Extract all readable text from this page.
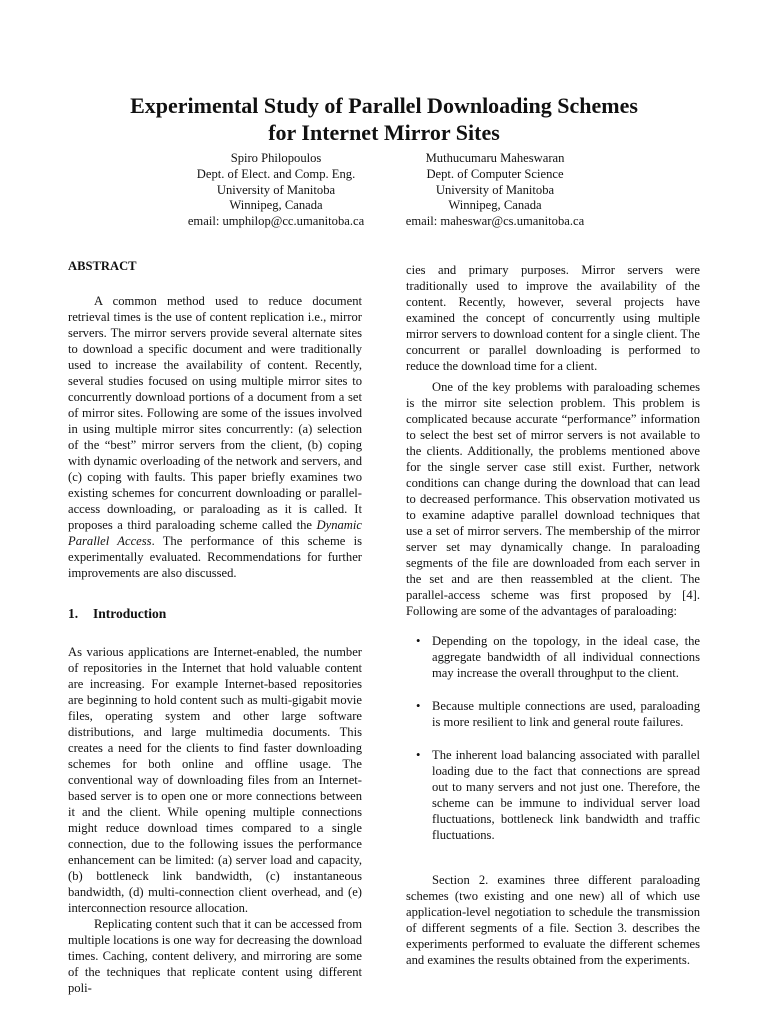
Experimental Study of Parallel Downloading Schemes
for Internet Mirror Sites
Spiro Philopoulos
Dept. of Elect. and Comp. Eng.
University of Manitoba
Winnipeg, Canada
email: umphilop@cc.umanitoba.ca
Muthucumaru Maheswaran
Dept. of Computer Science
University of Manitoba
Winnipeg, Canada
email: maheswar@cs.umanitoba.ca
ABSTRACT

A common method used to reduce document retrieval times is the use of content replication i.e., mirror servers. The mirror servers provide several alternate sites to download a specific document and were traditionally used to increase the availability of content. Recently, several studies focused on using multiple mirror sites to concurrently download portions of a document from a set of mirror sites. Following are some of the issues involved in using multiple mirror sites concurrently: (a) selection of the “best” mirror servers from the client, (b) coping with dynamic overloading of the network and servers, and (c) coping with faults. This paper briefly examines two existing schemes for concurrent downloading or parallel-access downloading, or paraloading as it is called. It proposes a third paraloading scheme called the Dynamic Parallel Access. The performance of this scheme is experimentally evaluated. Recommendations for further improvements are also discussed.

1. Introduction

As various applications are Internet-enabled, the number of repositories in the Internet that hold valuable content are increasing. For example Internet-based repositories are beginning to hold content such as multi-gigabit movie files, operating system and other large software distributions, and large multimedia documents. This creates a need for the clients to find faster downloading schemes for both online and offline usage. The conventional way of downloading files from an Internet-based server is to open one or more connections between it and the client. While opening multiple connections might reduce download times compared to a single connection, due to the following issues the performance enhancement can be limited: (a) server load and capacity, (b) bottleneck link bandwidth, (c) instantaneous bandwidth, (d) multi-connection client overhead, and (e) interconnection resource allocation.

Replicating content such that it can be accessed from multiple locations is one way for decreasing the download times. Caching, content delivery, and mirroring are some of the techniques that replicate content using different poli-

cies and primary purposes. Mirror servers were traditionally used to improve the availability of the content. Recently, however, several projects have examined the concept of concurrently using multiple mirror servers to download content for a single client. The concurrent or parallel downloading is performed to reduce the download time for a client.

One of the key problems with paraloading schemes is the mirror site selection problem. This problem is complicated because accurate “performance” information to select the best set of mirror servers is not available to the clients. Additionally, the problems mentioned above for the single server case still exist. Further, network conditions can change during the download that can lead to decreased performance. This observation motivated us to examine adaptive parallel download techniques that use a set of mirror servers. The membership of the mirror server set may dynamically change. In paraloading segments of the file are downloaded from each server in the set and are then reassembled at the client. The parallel-access scheme was first proposed by [4]. Following are some of the advantages of paraloading:

• Depending on the topology, in the ideal case, the aggregate bandwidth of all individual connections may increase the overall throughput to the client.
• Because multiple connections are used, paraloading is more resilient to link and general route failures.
• The inherent load balancing associated with parallel loading due to the fact that connections are spread out to many servers and not just one. Therefore, the scheme can be immune to individual server load fluctuations, bottleneck link bandwidth and traffic fluctuations.

Section 2. examines three different paraloading schemes (two existing and one new) all of which use application-level negotiation to schedule the transmission of different segments of a file. Section 3. describes the experiments performed to evaluate the different schemes and examines the results obtained from the experiments.
